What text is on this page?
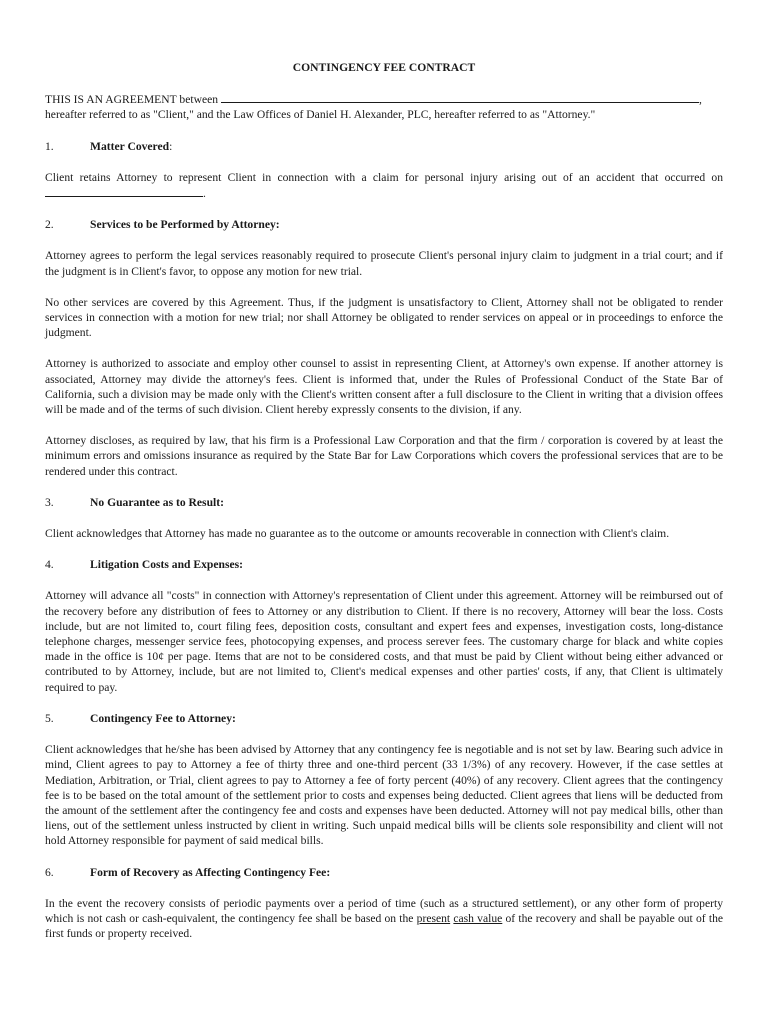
CONTINGENCY FEE CONTRACT
THIS IS AN AGREEMENT between	,
hereafter referred to as "Client," and the Law Offices of Daniel H. Alexander, PLC, hereafter referred to as "Attorney."
1.	Matter Covered :

Client retains Attorney to represent Client in connection with a claim for personal injury arising out of an accident that occurred on .

2.	Services to be Performed by Attorney:

Attorney agrees to perform the legal services reasonably required to prosecute Client's personal injury claim to judgment in a trial court; and if the judgment is in Client's favor, to oppose any motion for new trial.

No other services are covered by this Agreement. Thus, if the judgment is unsatisfactory to Client, Attorney shall not be obligated to render services in connection with a motion for new trial; nor shall Attorney be obligated to render services on appeal or in proceedings to enforce the judgment.

Attorney is authorized to associate and employ other counsel to assist in representing Client, at Attorney's own expense. If another attorney is associated, Attorney may divide the attorney's fees. Client is informed that, under the Rules of Professional Conduct of the State Bar of California, such a division may be made only with the Client's written consent after a full disclosure to the Client in writing that a division offees will be made and of the terms of such division. Client hereby expressly consents to the division, if any.

Attorney discloses, as required by law, that his firm is a Professional Law Corporation and that the firm / corporation is covered by at least the minimum errors and omissions insurance as required by the State Bar for Law Corporations which covers the professional services that are to be rendered under this contract.

3.	No Guarantee as to Result:

Client acknowledges that Attorney has made no guarantee as to the outcome or amounts recoverable in connection with Client's claim.

4.	Litigation Costs and Expenses:

Attorney will advance all "costs" in connection with Attorney's representation of Client under this agreement. Attorney will be reimbursed out of the recovery before any distribution of fees to Attorney or any distribution to Client. If there is no recovery, Attorney will bear the loss. Costs include, but are not limited to, court filing fees, deposition costs, consultant and expert fees and expenses, investigation costs, long-distance telephone charges, messenger service fees, photocopying expenses, and process serever fees. The customary charge for black and white copies made in the office is 10¢ per page. Items that are not to be considered costs, and that must be paid by Client without being either advanced or contributed to by Attorney, include, but are not limited to, Client's medical expenses and other parties' costs, if any, that Client is ultimately required to pay.

5.	Contingency Fee to Attorney:

Client acknowledges that he/she has been advised by Attorney that any contingency fee is negotiable and is not set by law. Bearing such advice in mind, Client agrees to pay to Attorney a fee of thirty three and one-third percent (33 1/3%) of any recovery. However, if the case settles at Mediation, Arbitration, or Trial, client agrees to pay to Attorney a fee of forty percent (40%) of any recovery. Client agrees that the contingency fee is to be based on the total amount of the settlement prior to costs and expenses being deducted. Client agrees that liens will be deducted from the amount of the settlement after the contingency fee and costs and expenses have been deducted. Attorney will not pay medical bills, other than liens, out of the settlement unless instructed by client in writing. Such unpaid medical bills will be clients sole responsibility and client will not hold Attorney responsible for payment of said medical bills.

6.	Form of Recovery as Affecting Contingency Fee:

In the event the recovery consists of periodic payments over a period of time (such as a structured settlement), or any other form of property which is not cash or cash-equivalent, the contingency fee shall be based on the present cash value of the recovery and shall be payable out of the first funds or property received.
